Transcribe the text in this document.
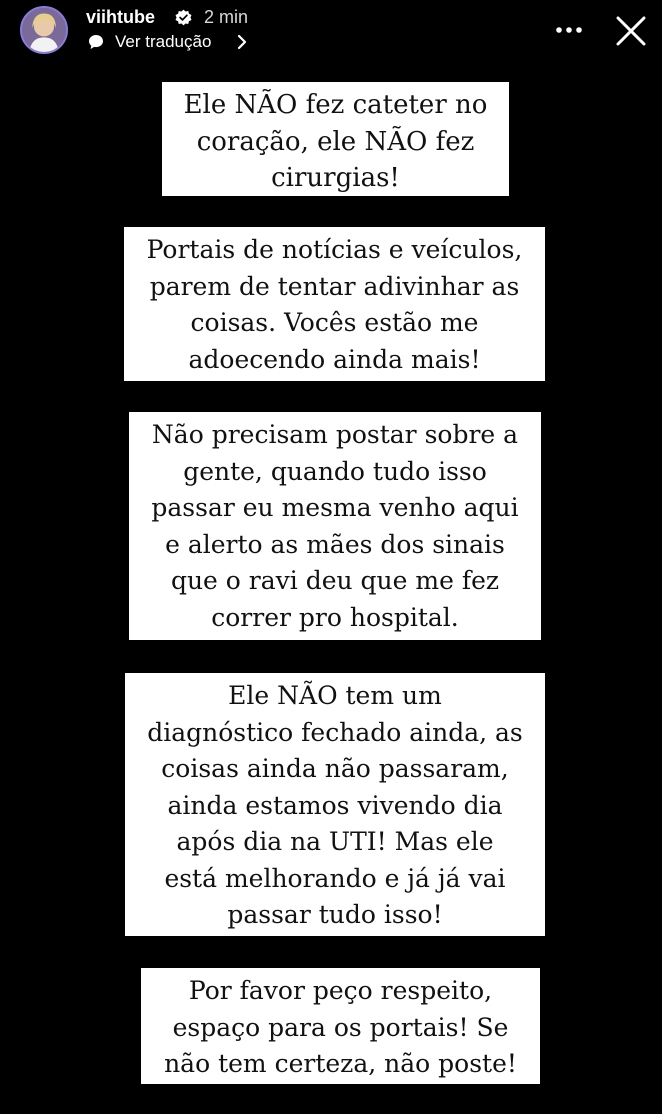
viihtube	2 min
Ver tradução
Ele NÃO fez cateter no
coração, ele NÃO fez
cirurgias!
Portais de notícias e veículos,
parem de tentar adivinhar as
coisas. Vocês estão me
adoecendo ainda mais!
Não precisam postar sobre a
gente, quando tudo isso
passar eu mesma venho aqui
e alerto as mães dos sinais
que o ravi deu que me fez
correr pro hospital.
Ele NÃO tem um
diagnóstico fechado ainda, as
coisas ainda não passaram,
ainda estamos vivendo dia
após dia na UTI! Mas ele
está melhorando e já já vai
passar tudo isso!
Por favor peço respeito,
espaço para os portais! Se
não tem certeza, não poste!
